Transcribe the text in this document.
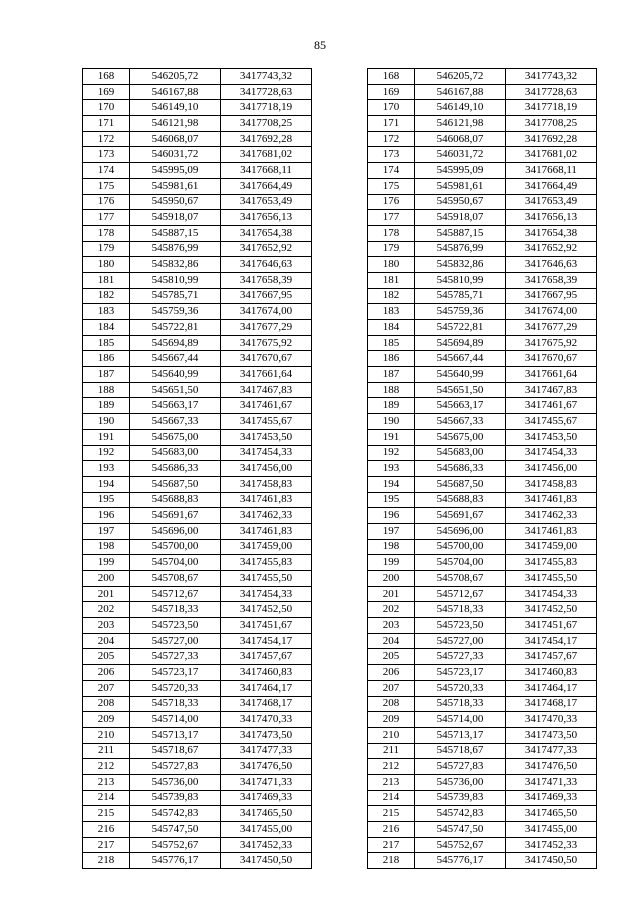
85
168	546205,72	3417743,32		168	546205,72	3417743,32
169	546167,88	3417728,63		169	546167,88	3417728,63
170	546149,10	3417718,19		170	546149,10	3417718,19
171	546121,98	3417708,25		171	546121,98	3417708,25
172	546068,07	3417692,28		172	546068,07	3417692,28
173	546031,72	3417681,02		173	546031,72	3417681,02
174	545995,09	3417668,11		174	545995,09	3417668,11
175	545981,61	3417664,49		175	545981,61	3417664,49
176	545950,67	3417653,49		176	545950,67	3417653,49
177	545918,07	3417656,13		177	545918,07	3417656,13
178	545887,15	3417654,38		178	545887,15	3417654,38
179	545876,99	3417652,92		179	545876,99	3417652,92
180	545832,86	3417646,63		180	545832,86	3417646,63
181	545810,99	3417658,39		181	545810,99	3417658,39
182	545785,71	3417667,95		182	545785,71	3417667,95
183	545759,36	3417674,00		183	545759,36	3417674,00
184	545722,81	3417677,29		184	545722,81	3417677,29
185	545694,89	3417675,92		185	545694,89	3417675,92
186	545667,44	3417670,67		186	545667,44	3417670,67
187	545640,99	3417661,64		187	545640,99	3417661,64
188	545651,50	3417467,83		188	545651,50	3417467,83
189	545663,17	3417461,67		189	545663,17	3417461,67
190	545667,33	3417455,67		190	545667,33	3417455,67
191	545675,00	3417453,50		191	545675,00	3417453,50
192	545683,00	3417454,33		192	545683,00	3417454,33
193	545686,33	3417456,00		193	545686,33	3417456,00
194	545687,50	3417458,83		194	545687,50	3417458,83
195	545688,83	3417461,83		195	545688,83	3417461,83
196	545691,67	3417462,33		196	545691,67	3417462,33
197	545696,00	3417461,83		197	545696,00	3417461,83
198	545700,00	3417459,00		198	545700,00	3417459,00
199	545704,00	3417455,83		199	545704,00	3417455,83
200	545708,67	3417455,50		200	545708,67	3417455,50
201	545712,67	3417454,33		201	545712,67	3417454,33
202	545718,33	3417452,50		202	545718,33	3417452,50
203	545723,50	3417451,67		203	545723,50	3417451,67
204	545727,00	3417454,17		204	545727,00	3417454,17
205	545727,33	3417457,67		205	545727,33	3417457,67
206	545723,17	3417460,83		206	545723,17	3417460,83
207	545720,33	3417464,17		207	545720,33	3417464,17
208	545718,33	3417468,17		208	545718,33	3417468,17
209	545714,00	3417470,33		209	545714,00	3417470,33
210	545713,17	3417473,50		210	545713,17	3417473,50
211	545718,67	3417477,33		211	545718,67	3417477,33
212	545727,83	3417476,50		212	545727,83	3417476,50
213	545736,00	3417471,33		213	545736,00	3417471,33
214	545739,83	3417469,33		214	545739,83	3417469,33
215	545742,83	3417465,50		215	545742,83	3417465,50
216	545747,50	3417455,00		216	545747,50	3417455,00
217	545752,67	3417452,33		217	545752,67	3417452,33
218	545776,17	3417450,50		218	545776,17	3417450,50
